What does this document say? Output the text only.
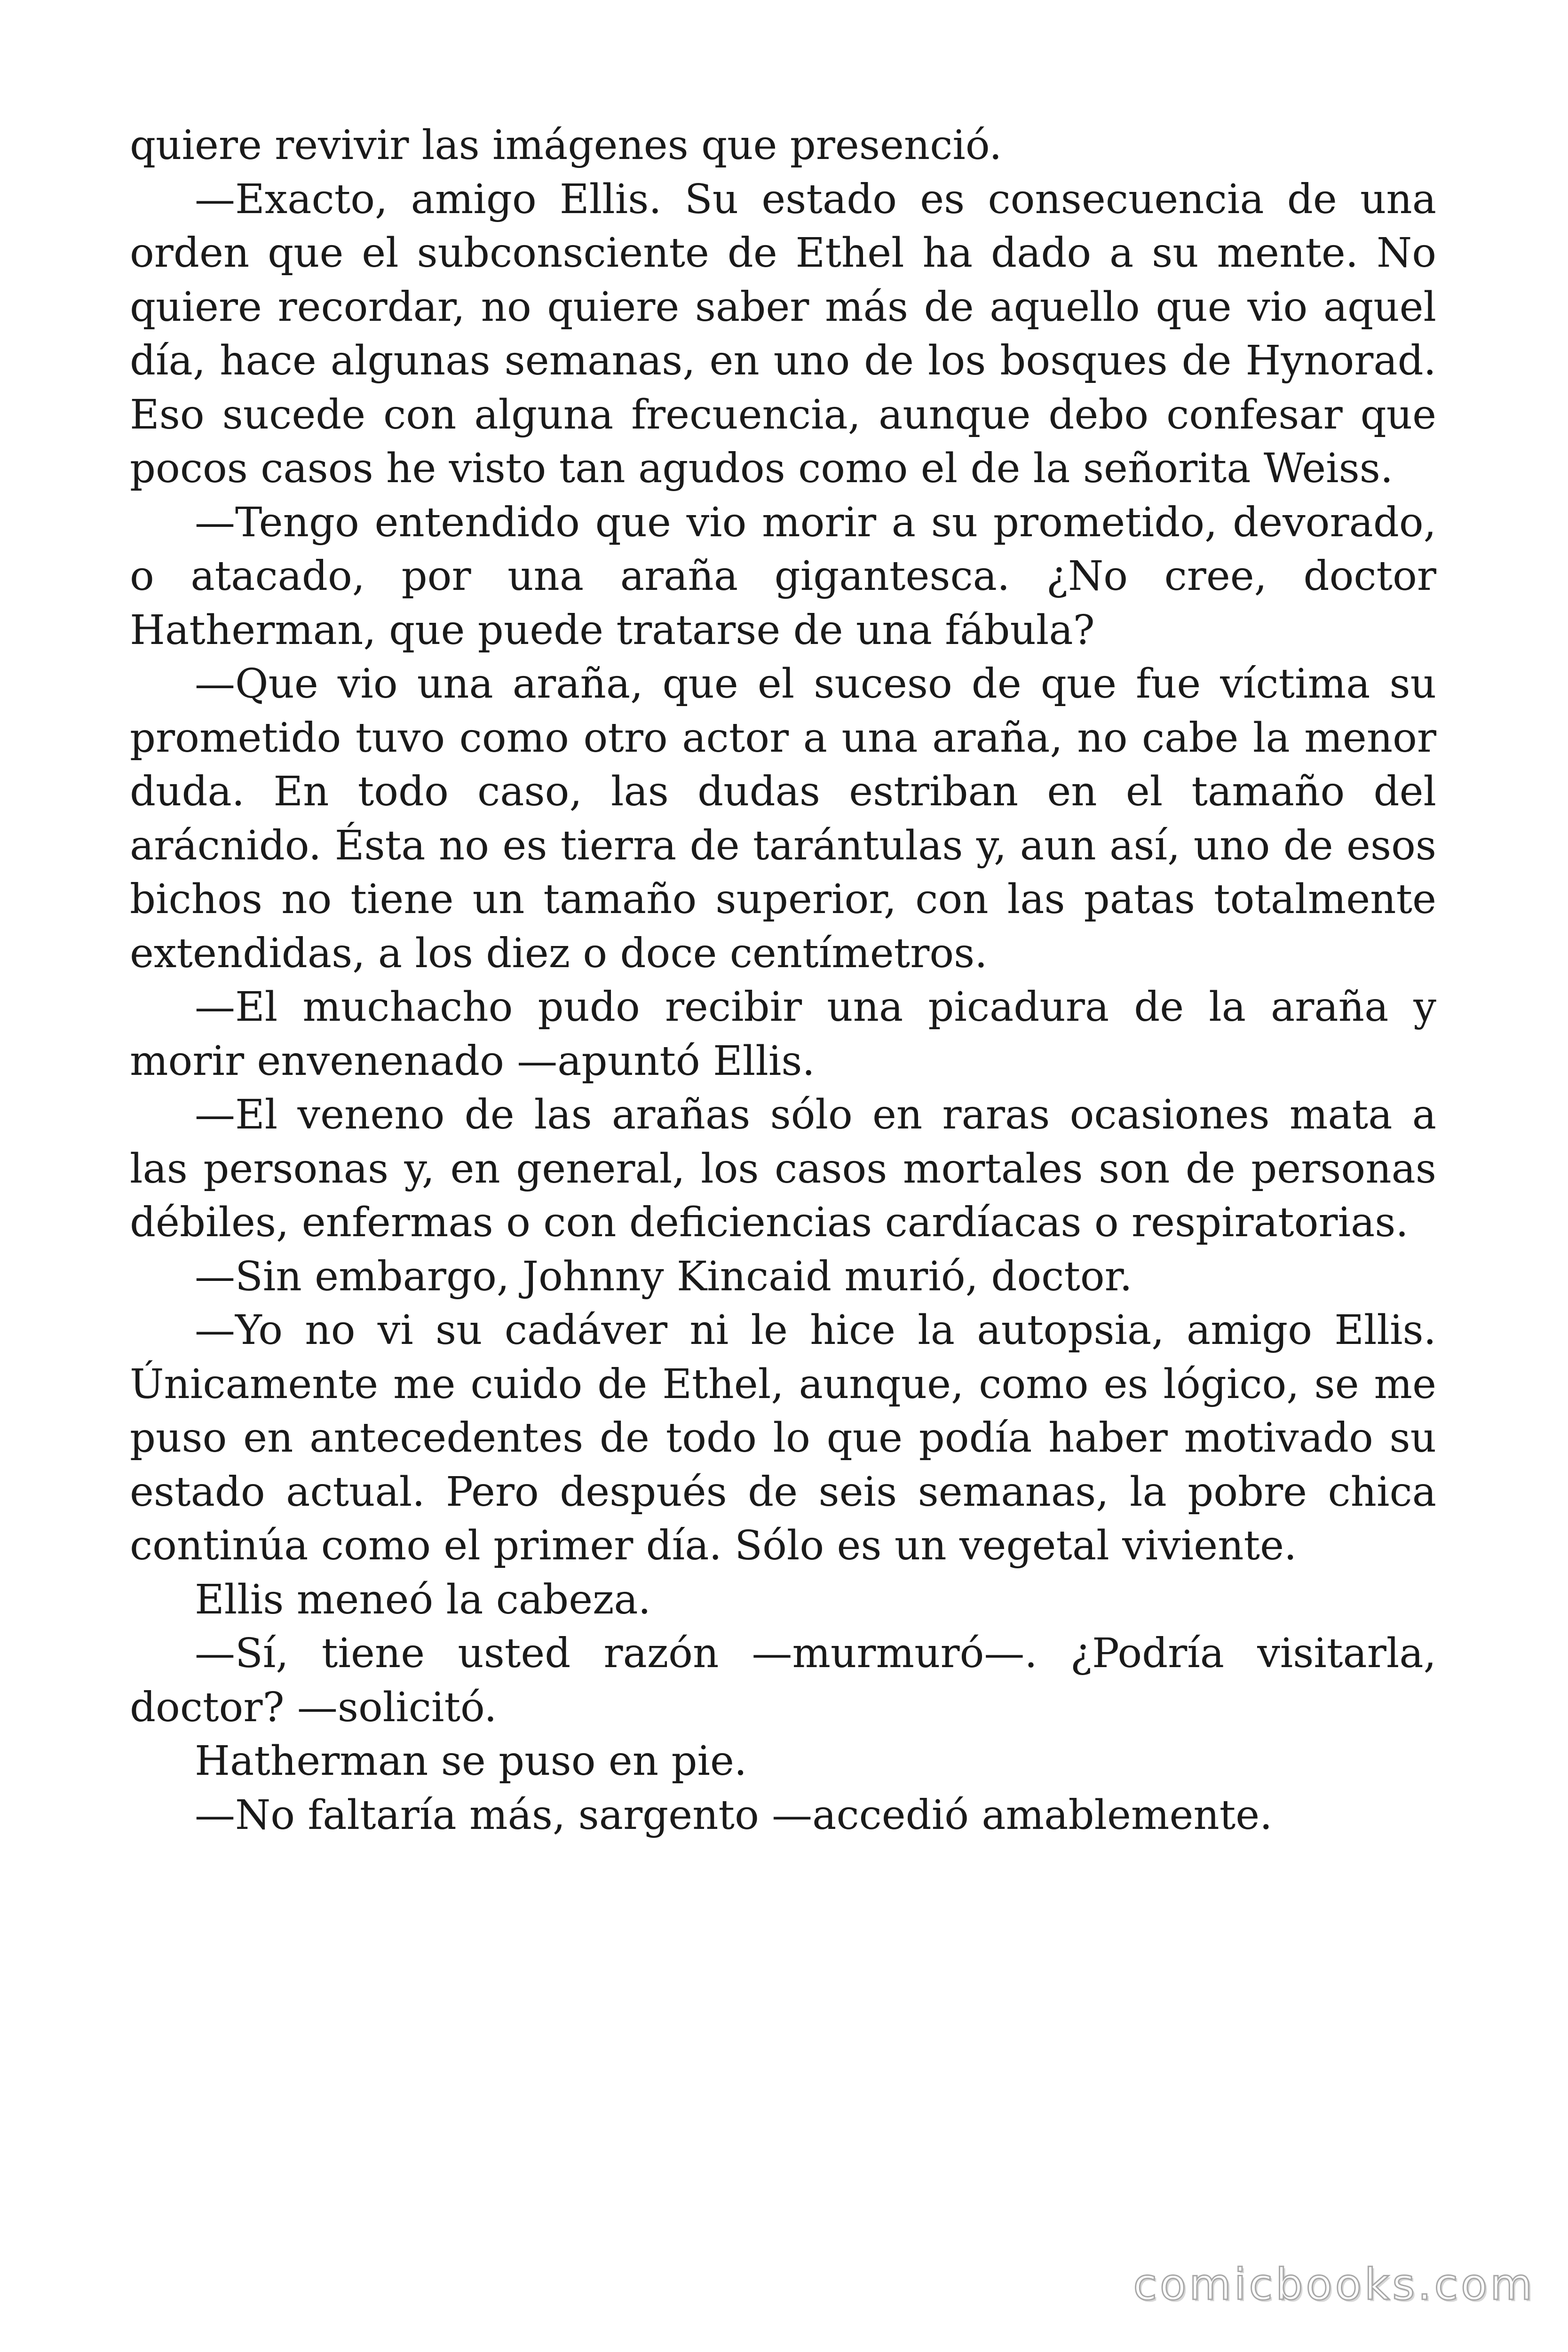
quiere revivir las imágenes que presenció.

—Exacto, amigo Ellis. Su estado es consecuencia de una orden que el subconsciente de Ethel ha dado a su mente. No quiere recordar, no quiere saber más de aquello que vio aquel día, hace algunas semanas, en uno de los bosques de Hynorad. Eso sucede con alguna frecuencia, aunque debo confesar que pocos casos he visto tan agudos como el de la señorita Weiss.

—Tengo entendido que vio morir a su prometido, devorado, o atacado, por una araña gigantesca. ¿No cree, doctor Hatherman, que puede tratarse de una fábula?

—Que vio una araña, que el suceso de que fue víctima su prometido tuvo como otro actor a una araña, no cabe la menor duda. En todo caso, las dudas estriban en el tamaño del arácnido. Ésta no es tierra de tarántulas y, aun así, uno de esos bichos no tiene un tamaño superior, con las patas totalmente extendidas, a los diez o doce centímetros.

—El muchacho pudo recibir una picadura de la araña y morir envenenado —apuntó Ellis.

—El veneno de las arañas sólo en raras ocasiones mata a las personas y, en general, los casos mortales son de personas débiles, enfermas o con deficiencias cardíacas o respiratorias.

—Sin embargo, Johnny Kincaid murió, doctor.

—Yo no vi su cadáver ni le hice la autopsia, amigo Ellis. Únicamente me cuido de Ethel, aunque, como es lógico, se me puso en antecedentes de todo lo que podía haber motivado su estado actual. Pero después de seis semanas, la pobre chica continúa como el primer día. Sólo es un vegetal viviente.

Ellis meneó la cabeza.

—Sí, tiene usted razón —murmuró—. ¿Podría visitarla, doctor? —solicitó.

Hatherman se puso en pie.

—No faltaría más, sargento —accedió amablemente.

comicbooks.com
